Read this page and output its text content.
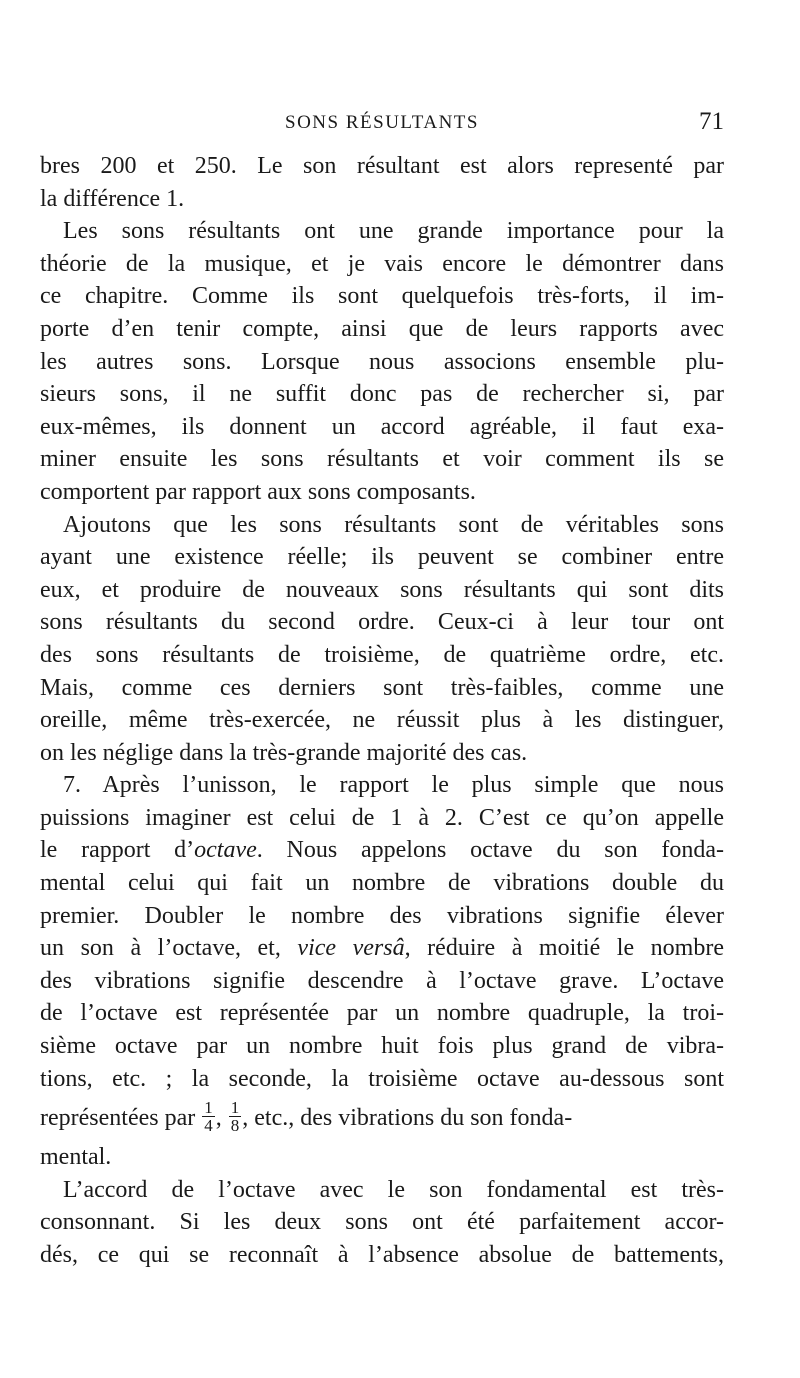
SONS RÉSULTANTS	71
bres 200 et 250. Le son résultant est alors representé par
la différence 1.
Les sons résultants ont une grande importance pour la
théorie de la musique, et je vais encore le démontrer dans
ce chapitre. Comme ils sont quelquefois très-forts, il im-
porte d’en tenir compte, ainsi que de leurs rapports avec
les autres sons. Lorsque nous associons ensemble plu-
sieurs sons, il ne suffit donc pas de rechercher si, par
eux-mêmes, ils donnent un accord agréable, il faut exa-
miner ensuite les sons résultants et voir comment ils se
comportent par rapport aux sons composants.
Ajoutons que les sons résultants sont de véritables sons
ayant une existence réelle; ils peuvent se combiner entre
eux, et produire de nouveaux sons résultants qui sont dits
sons résultants du second ordre. Ceux-ci à leur tour ont
des sons résultants de troisième, de quatrième ordre, etc.
Mais, comme ces derniers sont très-faibles, comme une
oreille, même très-exercée, ne réussit plus à les distinguer,
on les néglige dans la très-grande majorité des cas.
7. Après l’unisson, le rapport le plus simple que nous
puissions imaginer est celui de 1 à 2. C’est ce qu’on appelle
le rapport d’octave. Nous appelons octave du son fonda-
mental celui qui fait un nombre de vibrations double du
premier. Doubler le nombre des vibrations signifie élever
un son à l’octave, et, vice versâ, réduire à moitié le nombre
des vibrations signifie descendre à l’octave grave. L’octave
de l’octave est représentée par un nombre quadruple, la troi-
sième octave par un nombre huit fois plus grand de vibra-
tions, etc. ; la seconde, la troisième octave au-dessous sont
représentées par $\frac{1}{4}$ , $\frac{1}{8}$ , etc., des vibrations du son fonda-
mental.
L’accord de l’octave avec le son fondamental est très-
consonnant. Si les deux sons ont été parfaitement accor-
dés, ce qui se reconnaît à l’absence absolue de battements,
